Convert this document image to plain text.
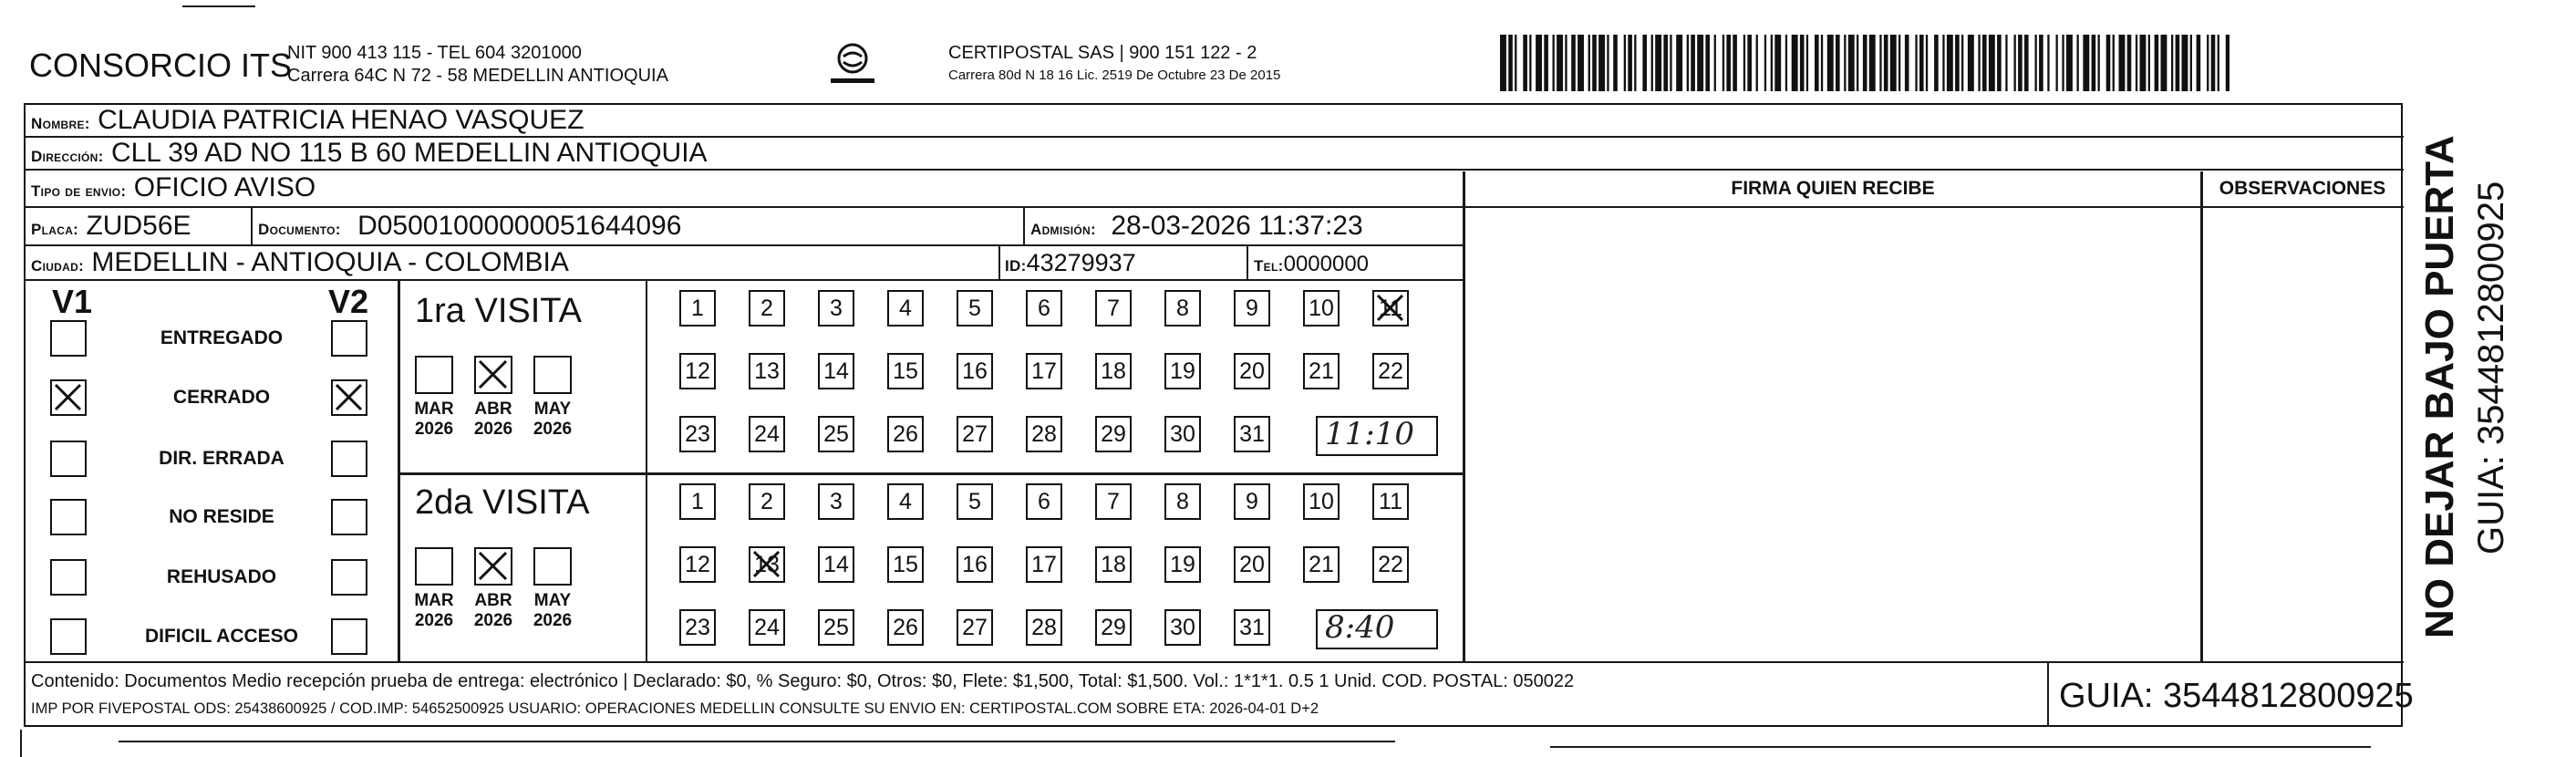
CONSORCIO ITS
NIT 900 413 115 - TEL 604 3201000
Carrera 64C N 72 - 58 MEDELLIN ANTIOQUIA
CERTIPOSTAL SAS | 900 151 122 - 2
Carrera 80d N 18 16 Lic. 2519 De Octubre 23 De 2015
Nombre: CLAUDIA PATRICIA HENAO VASQUEZ
Dirección: CLL 39 AD NO 115 B 60 MEDELLIN ANTIOQUIA
Tipo de envio: OFICIO AVISO
Placa: ZUD56E	Documento: D05001000000051644096	Admisión: 28-03-2026 11:37:23
Ciudad: MEDELLIN - ANTIOQUIA - COLOMBIA	ID:43279937	Tel:0000000
FIRMA QUIEN RECIBE	OBSERVACIONES
V1	V2
ENTREGADO
CERRADO
DIR. ERRADA
NO RESIDE
REHUSADO
DIFICIL ACCESO
1ra VISITA
2da VISITA
MAR
2026
ABR
2026
MAY
2026
1	2	3	4	5	6	7	8	9	10 11
12 13 14 15 16 17 18 19 20 21 22
23 24 25 26 27 28 29 30 31 11:10
MAR
2026
ABR
2026
MAY
2026
1	2	3	4	5	6	7	8	9	10 11
12 13 14 15 16 17 18 19 20 21 22
23 24 25 26 27 28 29 30 31 8:40
Contenido: Documentos Medio recepción prueba de entrega: electrónico | Declarado: $0, % Seguro: $0, Otros: $0, Flete: $1,500, Total: $1,500. Vol.: 1*1*1. 0.5 1 Unid. COD. POSTAL: 050022
IMP POR FIVEPOSTAL ODS: 25438600925 / COD.IMP: 54652500925 USUARIO: OPERACIONES MEDELLIN CONSULTE SU ENVIO EN: CERTIPOSTAL.COM SOBRE ETA: 2026-04-01 D+2	GUIA: 3544812800925
NO DEJAR BAJO PUERTA GUIA: 3544812800925
